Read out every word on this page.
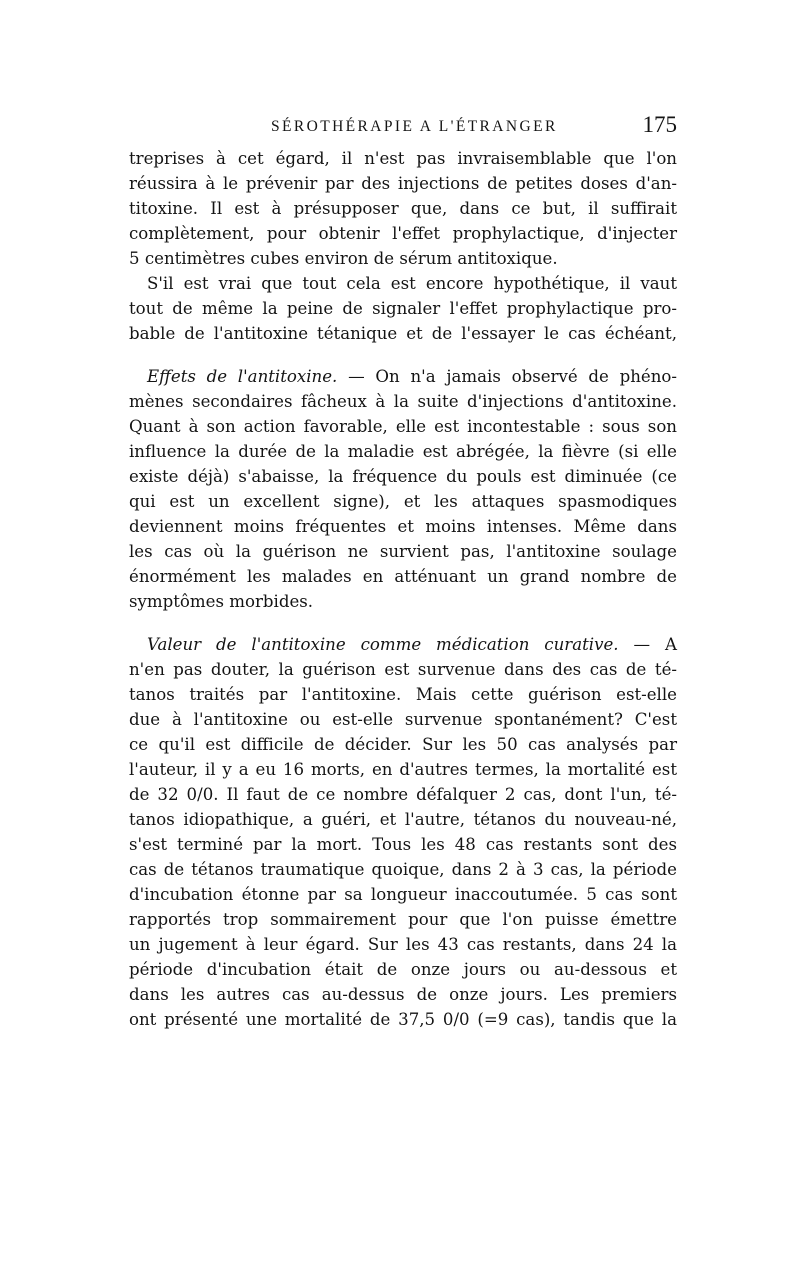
SÉROTHÉRAPIE A L'ÉTRANGER	175
treprises à cet égard, il n'est pas invraisemblable que l'on
réussira à le prévenir par des injections de petites doses d'an-
titoxine. Il est à présupposer que, dans ce but, il suffirait
complètement, pour obtenir l'effet prophylactique, d'injecter
5 centimètres cubes environ de sérum antitoxique.
S'il est vrai que tout cela est encore hypothétique, il vaut
tout de même la peine de signaler l'effet prophylactique pro-
bable de l'antitoxine tétanique et de l'essayer le cas échéant,
Effets de l'antitoxine. — On n'a jamais observé de phéno-
mènes secondaires fâcheux à la suite d'injections d'antitoxine.
Quant à son action favorable, elle est incontestable : sous son
influence la durée de la maladie est abrégée, la fièvre (si elle
existe déjà) s'abaisse, la fréquence du pouls est diminuée (ce
qui est un excellent signe), et les attaques spasmodiques
deviennent moins fréquentes et moins intenses. Même dans
les cas où la guérison ne survient pas, l'antitoxine soulage
énormément les malades en atténuant un grand nombre de
symptômes morbides.
Valeur de l'antitoxine comme médication curative. — A
n'en pas douter, la guérison est survenue dans des cas de té-
tanos traités par l'antitoxine. Mais cette guérison est-elle
due à l'antitoxine ou est-elle survenue spontanément? C'est
ce qu'il est difficile de décider. Sur les 50 cas analysés par
l'auteur, il y a eu 16 morts, en d'autres termes, la mortalité est
de 32 0/0. Il faut de ce nombre défalquer 2 cas, dont l'un, té-
tanos idiopathique, a guéri, et l'autre, tétanos du nouveau-né,
s'est terminé par la mort. Tous les 48 cas restants sont des
cas de tétanos traumatique quoique, dans 2 à 3 cas, la période
d'incubation étonne par sa longueur inaccoutumée. 5 cas sont
rapportés trop sommairement pour que l'on puisse émettre
un jugement à leur égard. Sur les 43 cas restants, dans 24 la
période d'incubation était de onze jours ou au-dessous et
dans les autres cas au-dessus de onze jours. Les premiers
ont présenté une mortalité de 37,5 0/0 (=9 cas), tandis que la
